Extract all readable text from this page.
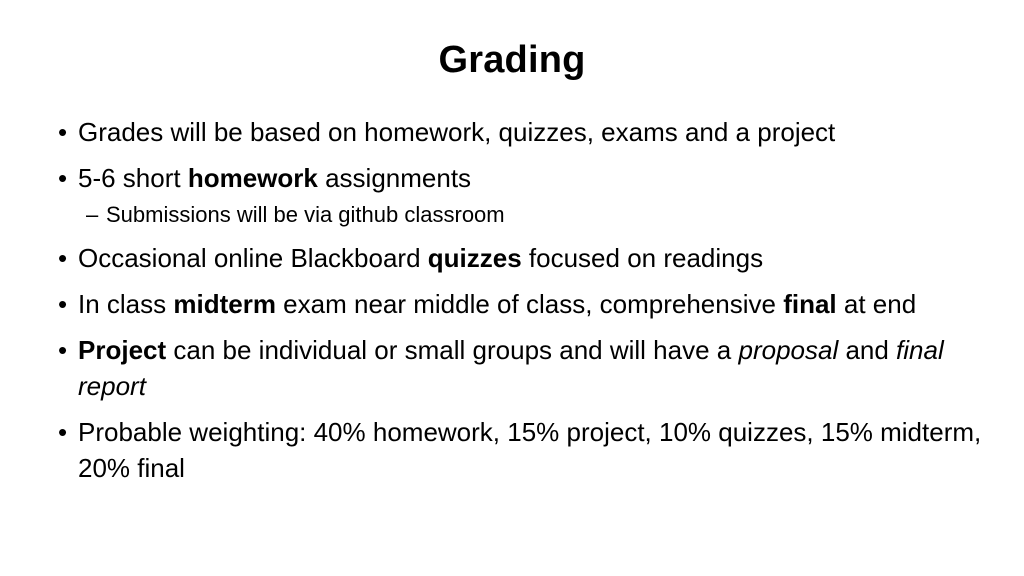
Grading
• Grades will be based on homework, quizzes, exams and a project
• 5-6 short homework assignments
– Submissions will be via github classroom
• Occasional online Blackboard quizzes focused on readings
• In class midterm exam near middle of class, comprehensive final at end
• Project can be individual or small groups and will have a proposal and final report
• Probable weighting: 40% homework, 15% project, 10% quizzes, 15% midterm, 20% final
